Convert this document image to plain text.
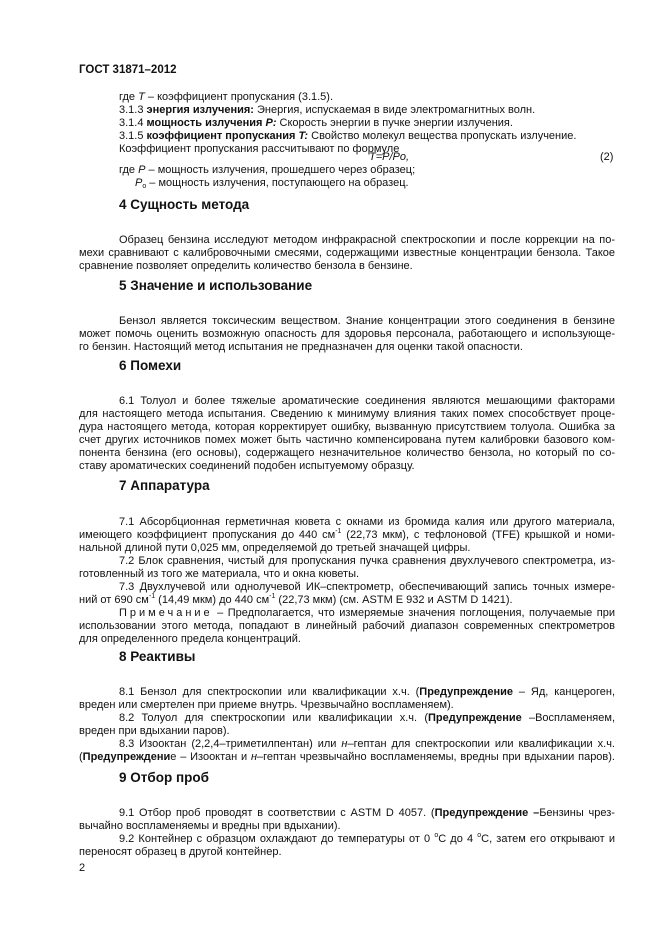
ГОСТ 31871–2012
T=P/Po,	(2)
2
где T – коэффициент пропускания (3.1.5).
3.1.3 энергия излучения: Энергия, испускаемая в виде электромагнитных волн.
3.1.4 мощность излучения P: Скорость энергии в пучке энергии излучения.
3.1.5 коэффициент пропускания T: Свойство молекул вещества пропускать излучение.
Коэффициент пропускания рассчитывают по формуле
где P – мощность излучения, прошедшего через образец;
$P_o$ – мощность излучения, поступающего на образец.
4 Сущность метода
Образец бензина исследуют методом инфракрасной спектроскопии и после коррекции на по-
мехи сравнивают с калибровочными смесями, содержащими известные концентрации бензола. Такое
сравнение позволяет определить количество бензола в бензине.
5 Значение и использование
Бензол является токсическим веществом. Знание концентрации этого соединения в бензине
может помочь оценить возможную опасность для здоровья персонала, работающего и использующе-
го бензин. Настоящий метод испытания не предназначен для оценки такой опасности.
6 Помехи
6.1 Толуол и более тяжелые ароматические соединения являются мешающими факторами
для настоящего метода испытания. Сведению к минимуму влияния таких помех способствует проце-
дура настоящего метода, которая корректирует ошибку, вызванную присутствием толуола. Ошибка за
счет других источников помех может быть частично компенсирована путем калибровки базового ком-
понента бензина (его основы), содержащего незначительное количество бензола, но который по со-
ставу ароматических соединений подобен испытуемому образцу.
7 Аппаратура
7.1 Абсорбционная герметичная кювета с окнами из бромида калия или другого материала,
имеющего коэффициент пропускания до 440 $см^{-1}$ (22,73 мкм), с тефлоновой (TFE) крышкой и номи-
нальной длиной пути 0,025 мм, определяемой до третьей значащей цифры.
7.2 Блок сравнения, чистый для пропускания пучка сравнения двухлучевого спектрометра, из-
готовленный из того же материала, что и окна кюветы.
7.3 Двухлучевой или однолучевой ИК–спектрометр, обеспечивающий запись точных измере-
ний от 690 $см^{-1}$ (14,49 мкм) до 440 $см^{-1}$ (22,73 мкм) (см. ASTM E 932 и ASTM D 1421).
Примечание – Предполагается, что измеряемые значения поглощения, получаемые при
использовании этого метода, попадают в линейный рабочий диапазон современных спектрометров
для определенного предела концентраций.
8 Реактивы
8.1 Бензол для спектроскопии или квалификации х.ч. (Предупреждение – Яд, канцероген,
вреден или смертелен при приеме внутрь. Чрезвычайно воспламеняем).
8.2 Толуол для спектроскопии или квалификации х.ч. (Предупреждение –Воспламеняем,
вреден при вдыхании паров).
8.3 Изооктан (2,2,4–триметилпентан) или н–гептан для спектроскопии или квалификации х.ч.
(Предупреждение – Изооктан и н–гептан чрезвычайно воспламеняемы, вредны при вдыхании паров).
9 Отбор проб
9.1 Отбор проб проводят в соответствии с ASTM D 4057. (Предупреждение –Бензины чрез-
вычайно воспламеняемы и вредны при вдыхании).
9.2 Контейнер с образцом охлаждают до температуры от 0 $^o$С до 4 $^o$С, затем его открывают и
переносят образец в другой контейнер.
